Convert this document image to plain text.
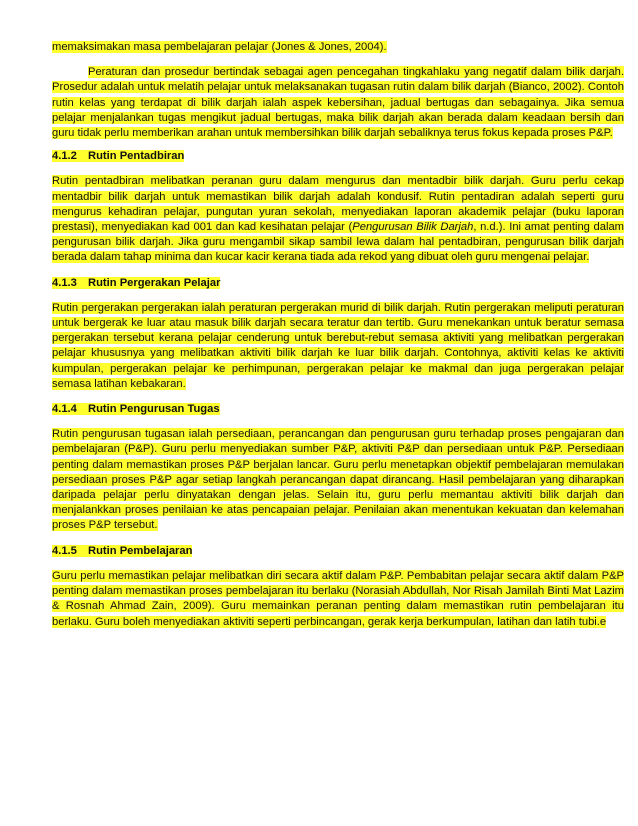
memaksimakan masa pembelajaran pelajar (Jones & Jones, 2004).

Peraturan dan prosedur bertindak sebagai agen pencegahan tingkahlaku yang negatif dalam bilik darjah. Prosedur adalah untuk melatih pelajar untuk melaksanakan tugasan rutin dalam bilik darjah (Bianco, 2002). Contoh rutin kelas yang terdapat di bilik darjah ialah aspek kebersihan, jadual bertugas dan sebagainya. Jika semua pelajar menjalankan tugas mengikut jadual bertugas, maka bilik darjah akan berada dalam keadaan bersih dan guru tidak perlu memberikan arahan untuk membersihkan bilik darjah sebaliknya terus fokus kepada proses P&P.

4.1.2 Rutin Pentadbiran

Rutin pentadbiran melibatkan peranan guru dalam mengurus dan mentadbir bilik darjah. Guru perlu cekap mentadbir bilik darjah untuk memastikan bilik darjah adalah kondusif. Rutin pentadiran adalah seperti guru mengurus kehadiran pelajar, pungutan yuran sekolah, menyediakan laporan akademik pelajar (buku laporan prestasi), menyediakan kad 001 dan kad kesihatan pelajar (Pengurusan Bilik Darjah, n.d.). Ini amat penting dalam pengurusan bilik darjah. Jika guru mengambil sikap sambil lewa dalam hal pentadbiran, pengurusan bilik darjah berada dalam tahap minima dan kucar kacir kerana tiada ada rekod yang dibuat oleh guru mengenai pelajar.

4.1.3 Rutin Pergerakan Pelajar

Rutin pergerakan pergerakan ialah peraturan pergerakan murid di bilik darjah. Rutin pergerakan meliputi peraturan untuk bergerak ke luar atau masuk bilik darjah secara teratur dan tertib. Guru menekankan untuk beratur semasa pergerakan tersebut kerana pelajar cenderung untuk berebut-rebut semasa aktiviti yang melibatkan pergerakan pelajar khususnya yang melibatkan aktiviti bilik darjah ke luar bilik darjah. Contohnya, aktiviti kelas ke aktiviti kumpulan, pergerakan pelajar ke perhimpunan, pergerakan pelajar ke makmal dan juga pergerakan pelajar semasa latihan kebakaran.

4.1.4 Rutin Pengurusan Tugas

Rutin pengurusan tugasan ialah persediaan, perancangan dan pengurusan guru terhadap proses pengajaran dan pembelajaran (P&P). Guru perlu menyediakan sumber P&P, aktiviti P&P dan persediaan untuk P&P. Persediaan penting dalam memastikan proses P&P berjalan lancar. Guru perlu menetapkan objektif pembelajaran memulakan persediaan proses P&P agar setiap langkah perancangan dapat dirancang. Hasil pembelajaran yang diharapkan daripada pelajar perlu dinyatakan dengan jelas. Selain itu, guru perlu memantau aktiviti bilik darjah dan menjalankkan proses penilaian ke atas pencapaian pelajar. Penilaian akan menentukan kekuatan dan kelemahan proses P&P tersebut.

4.1.5 Rutin Pembelajaran

Guru perlu memastikan pelajar melibatkan diri secara aktif dalam P&P. Pembabitan pelajar secara aktif dalam P&P penting dalam memastikan proses pembelajaran itu berlaku (Norasiah Abdullah, Nor Risah Jamilah Binti Mat Lazim & Rosnah Ahmad Zain, 2009). Guru memainkan peranan penting dalam memastikan rutin pembelajaran itu berlaku. Guru boleh menyediakan aktiviti seperti perbincangan, gerak kerja berkumpulan, latihan dan latih tubi.e
